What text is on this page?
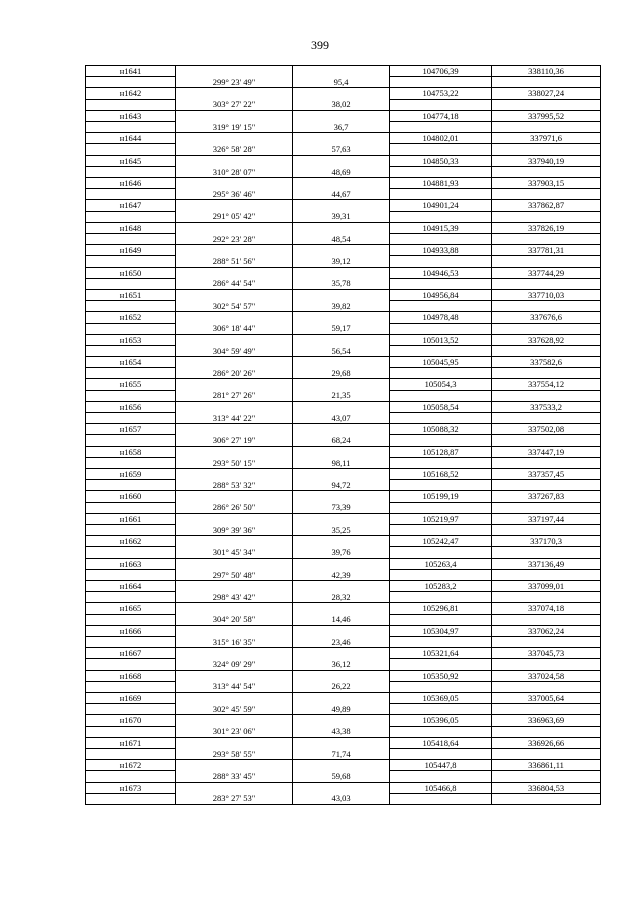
399
н1641			104706,39	338110,36
	299° 23' 49"	95,4		
н1642			104753,22	338027,24
	303° 27' 22"	38,02		
н1643			104774,18	337995,52
	319° 19' 15"	36,7		
н1644			104802,01	337971,6
	326° 58' 28"	57,63		
н1645			104850,33	337940,19
	310° 28' 07"	48,69		
н1646			104881,93	337903,15
	295° 36' 46"	44,67		
н1647			104901,24	337862,87
	291° 05' 42"	39,31		
н1648			104915,39	337826,19
	292° 23' 28"	48,54		
н1649			104933,88	337781,31
	288° 51' 56"	39,12		
н1650			104946,53	337744,29
	286° 44' 54"	35,78		
н1651			104956,84	337710,03
	302° 54' 57"	39,82		
н1652			104978,48	337676,6
	306° 18' 44"	59,17		
н1653			105013,52	337628,92
	304° 59' 49"	56,54		
н1654			105045,95	337582,6
	286° 20' 26"	29,68		
н1655			105054,3	337554,12
	281° 27' 26"	21,35		
н1656			105058,54	337533,2
	313° 44' 22"	43,07		
н1657			105088,32	337502,08
	306° 27' 19"	68,24		
н1658			105128,87	337447,19
	293° 50' 15"	98,11		
н1659			105168,52	337357,45
	288° 53' 32"	94,72		
н1660			105199,19	337267,83
	286° 26' 50"	73,39		
н1661			105219,97	337197,44
	309° 39' 36"	35,25		
н1662			105242,47	337170,3
	301° 45' 34"	39,76		
н1663			105263,4	337136,49
	297° 50' 48"	42,39		
н1664			105283,2	337099,01
	298° 43' 42"	28,32		
н1665			105296,81	337074,18
	304° 20' 58"	14,46		
н1666			105304,97	337062,24
	315° 16' 35"	23,46		
н1667			105321,64	337045,73
	324° 09' 29"	36,12		
н1668			105350,92	337024,58
	313° 44' 54"	26,22		
н1669			105369,05	337005,64
	302° 45' 59"	49,89		
н1670			105396,05	336963,69
	301° 23' 06"	43,38		
н1671			105418,64	336926,66
	293° 58' 55"	71,74		
н1672			105447,8	336861,11
	288° 33' 45"	59,68		
н1673			105466,8	336804,53
	283° 27' 53"	43,03		
